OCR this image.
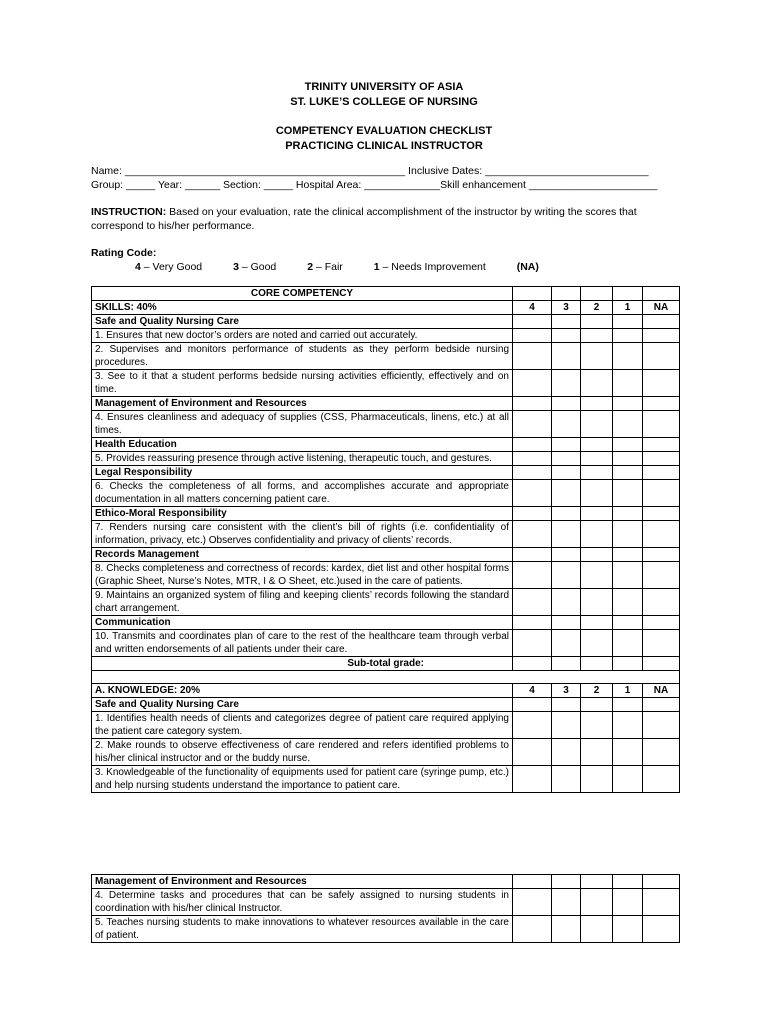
TRINITY UNIVERSITY OF ASIA
ST. LUKE’S COLLEGE OF NURSING
COMPETENCY EVALUATION CHECKLIST
PRACTICING CLINICAL INSTRUCTOR
Name: ________________________________________________ Inclusive Dates: ____________________________
Group: _____ Year: ______ Section: _____ Hospital Area: _____________Skill enhancement ______________________
INSTRUCTION: Based on your evaluation, rate the clinical accomplishment of the instructor by writing the scores that correspond to his/her performance.
Rating Code:
4 – Very Good	3 – Good	2 – Fair	1 – Needs Improvement	(NA)
CORE COMPETENCY					
SKILLS: 40%	4	3	2	1	NA
Safe and Quality Nursing Care					
1. Ensures that new doctor’s orders are noted and carried out accurately.					
2. Supervises and monitors performance of students as they perform bedside nursing procedures.					
3. See to it that a student performs bedside nursing activities efficiently, effectively and on time.					
Management of Environment and Resources					
4. Ensures cleanliness and adequacy of supplies (CSS, Pharmaceuticals, linens, etc.) at all times.					
Health Education					
5. Provides reassuring presence through active listening, therapeutic touch, and gestures.					
Legal Responsibility					
6. Checks the completeness of all forms, and accomplishes accurate and appropriate documentation in all matters concerning patient care.					
Ethico-Moral Responsibility					
7. Renders nursing care consistent with the client’s bill of rights (i.e. confidentiality of information, privacy, etc.) Observes confidentiality and privacy of clients’ records.					
Records Management					
8. Checks completeness and correctness of records: kardex, diet list and other hospital forms (Graphic Sheet, Nurse’s Notes, MTR, I & O Sheet, etc.)used in the care of patients.					
9. Maintains an organized system of filing and keeping clients’ records following the standard chart arrangement.					
Communication					
10. Transmits and coordinates plan of care to the rest of the healthcare team through verbal and written endorsements of all patients under their care.					
Sub-total grade:					

A. KNOWLEDGE: 20%	4	3	2	1	NA
Safe and Quality Nursing Care					
1. Identifies health needs of clients and categorizes degree of patient care required applying the patient care category system.					
2. Make rounds to observe effectiveness of care rendered and refers identified problems to his/her clinical instructor and or the buddy nurse.					
3. Knowledgeable of the functionality of equipments used for patient care (syringe pump, etc.) and help nursing students understand the importance to patient care.					
Management of Environment and Resources					
4. Determine tasks and procedures that can be safely assigned to nursing students in coordination with his/her clinical Instructor.					
5. Teaches nursing students to make innovations to whatever resources available in the care of patient.					
